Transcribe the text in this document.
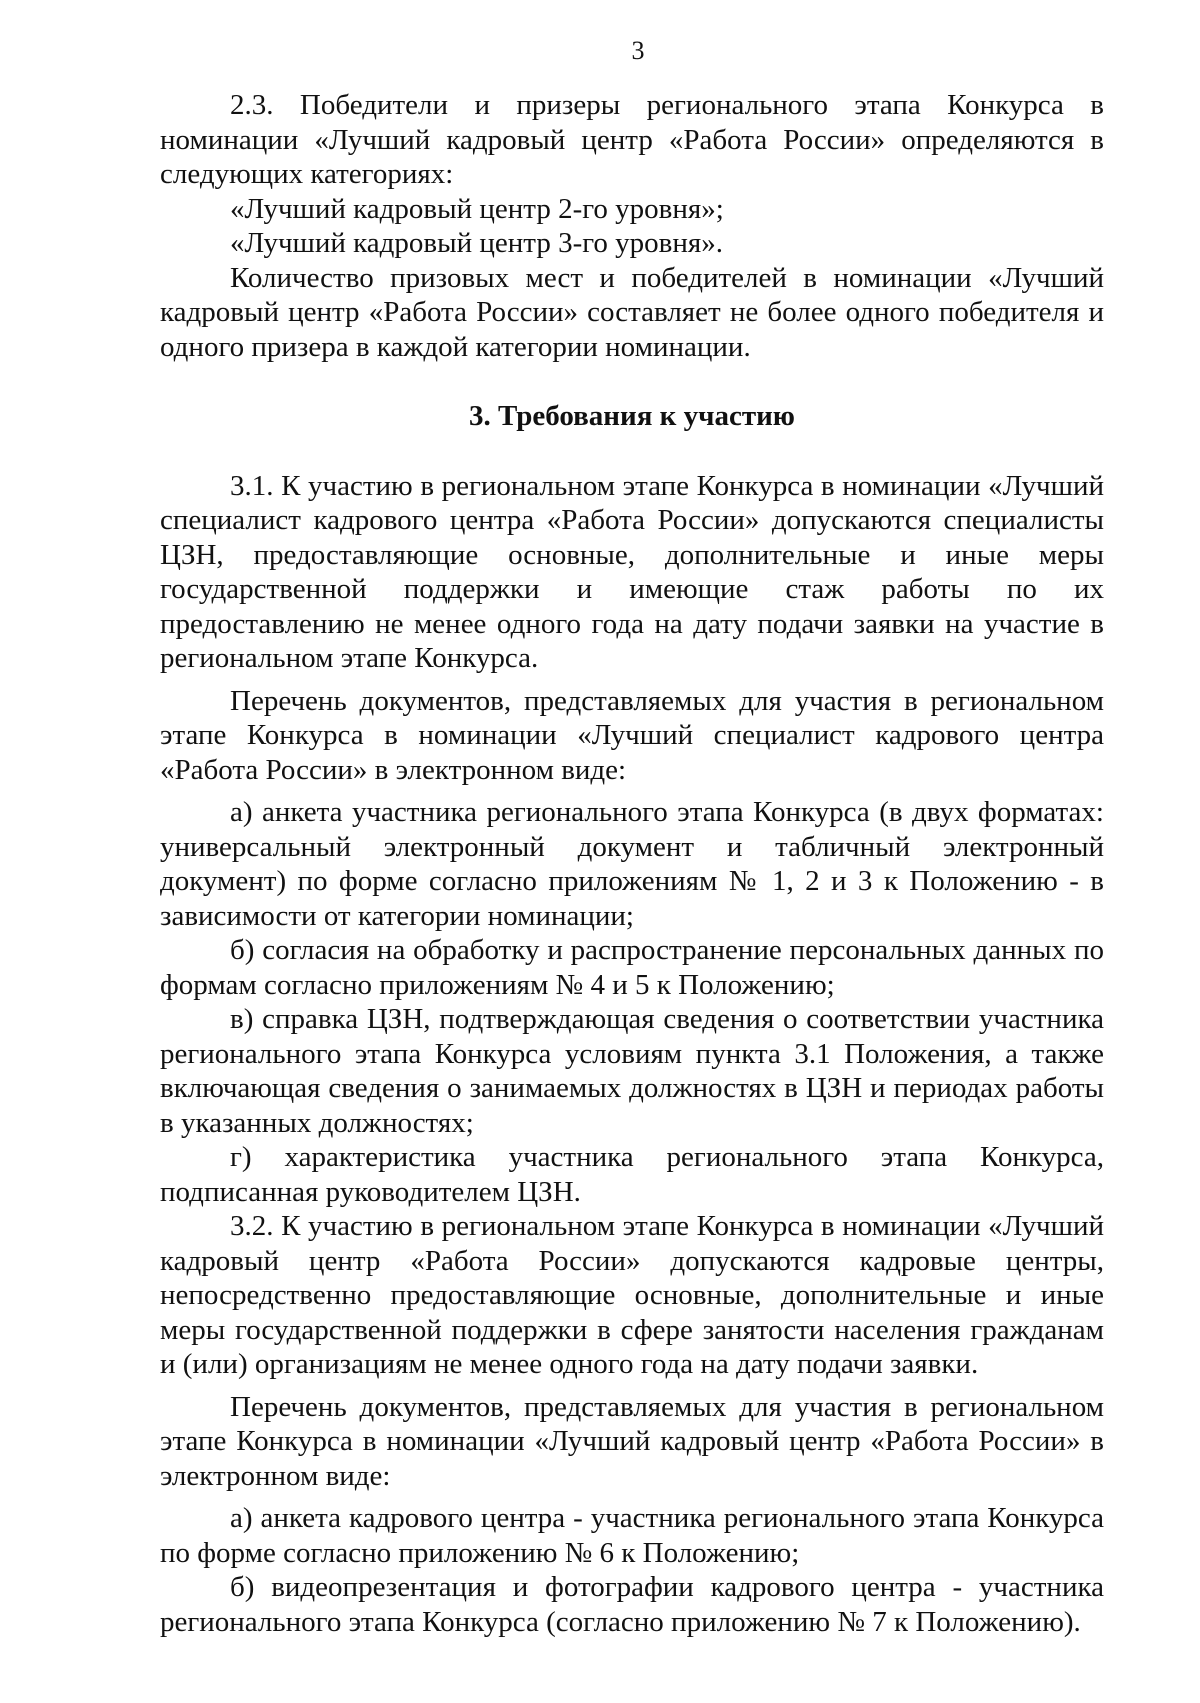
3

2.3. Победители и призеры регионального этапа Конкурса в номинации «Лучший кадровый центр «Работа России» определяются в следующих категориях:

«Лучший кадровый центр 2-го уровня»;

«Лучший кадровый центр 3-го уровня».

Количество призовых мест и победителей в номинации «Лучший кадровый центр «Работа России» составляет не более одного победителя и одного призера в каждой категории номинации.

3. Требования к участию

3.1. К участию в региональном этапе Конкурса в номинации «Лучший специалист кадрового центра «Работа России» допускаются специалисты ЦЗН, предоставляющие основные, дополнительные и иные меры государственной поддержки и имеющие стаж работы по их предоставлению не менее одного года на дату подачи заявки на участие в региональном этапе Конкурса.

Перечень документов, представляемых для участия в региональном этапе Конкурса в номинации «Лучший специалист кадрового центра «Работа России» в электронном виде:

а) анкета участника регионального этапа Конкурса (в двух форматах: универсальный электронный документ и табличный электронный документ) по форме согласно приложениям № 1, 2 и 3 к Положению - в зависимости от категории номинации;

б) согласия на обработку и распространение персональных данных по формам согласно приложениям № 4 и 5 к Положению;

в) справка ЦЗН, подтверждающая сведения о соответствии участника регионального этапа Конкурса условиям пункта 3.1 Положения, а также включающая сведения о занимаемых должностях в ЦЗН и периодах работы в указанных должностях;

г) характеристика участника регионального этапа Конкурса, подписанная руководителем ЦЗН.

3.2. К участию в региональном этапе Конкурса в номинации «Лучший кадровый центр «Работа России» допускаются кадровые центры, непосредственно предоставляющие основные, дополнительные и иные меры государственной поддержки в сфере занятости населения гражданам и (или) организациям не менее одного года на дату подачи заявки.

Перечень документов, представляемых для участия в региональном этапе Конкурса в номинации «Лучший кадровый центр «Работа России» в электронном виде:

а) анкета кадрового центра - участника регионального этапа Конкурса по форме согласно приложению № 6 к Положению;

б) видеопрезентация и фотографии кадрового центра - участника регионального этапа Конкурса (согласно приложению № 7 к Положению).
